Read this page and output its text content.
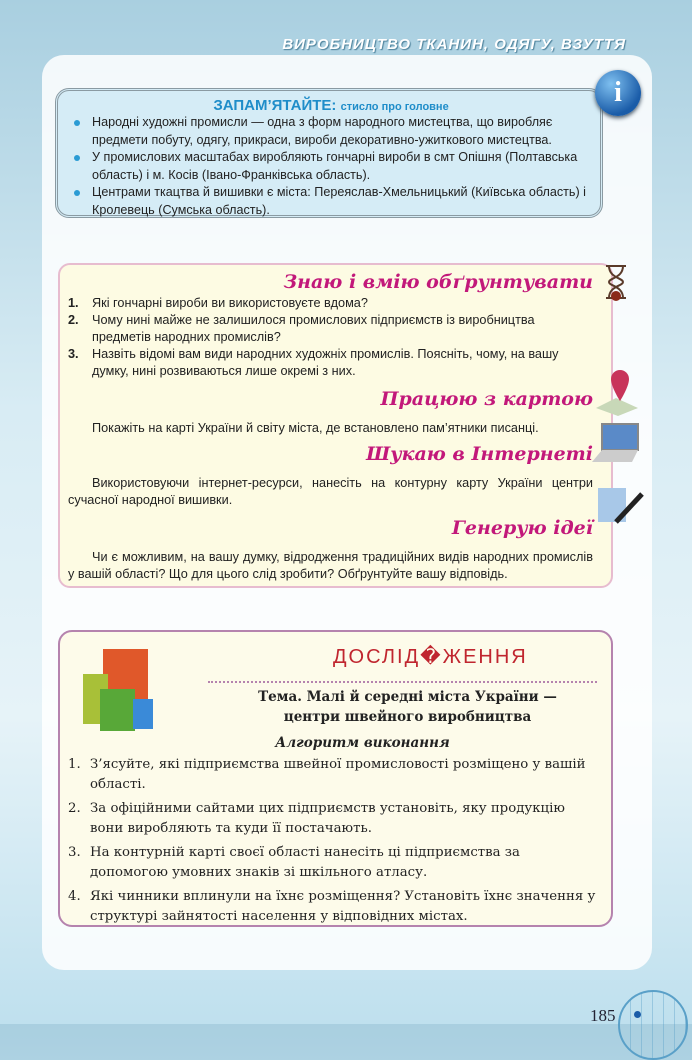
ВИРОБНИЦТВО ТКАНИН, ОДЯГУ, ВЗУТТЯ
ЗАПАМ’ЯТАЙТЕ: стисло про головне
Народні художні промисли — одна з форм народного мистецтва, що виробляє предмети побуту, одягу, прикраси, вироби декоративно-ужиткового мистецтва.
У промислових масштабах виробляють гончарні вироби в смт Опішня (Полтавська область) і м. Косів (Івано-Франківська область).
Центрами ткацтва й вишивки є міста: Переяслав-Хмельницький (Київська область) і Кролевець (Сумська область).
i
Знаю і вмію обґрунтувати
1.	Які гончарні вироби ви використовуєте вдома?
2.	Чому нині майже не залишилося промислових підприємств із виробництва предметів народних промислів?
3.	Назвіть відомі вам види народних художніх промислів. Поясніть, чому, на вашу думку, нині розвиваються лише окремі з них.
Працюю з картою
Покажіть на карті України й світу міста, де встановлено пам’ятники писанці.
Шукаю в Інтернеті
Використовуючи інтернет-ресурси, нанесіть на контурну карту України центри сучасної народної вишивки.
Генерую ідеї
Чи є можливим, на вашу думку, відродження традиційних видів народних промислів у вашій області? Що для цього слід зробити? Обґрунтуйте вашу відповідь.
ДОСЛІД�ЖЕННЯ
Тема. Малі й середні міста України —
центри швейного виробництва
Алгоритм виконання
1. З’ясуйте, які підприємства швейної промисловості розміщено у вашій області.
2. За офіційними сайтами цих підприємств установіть, яку продукцію вони виробляють та куди її постачають.
3. На контурній карті своєї області нанесіть ці підприємства за допомогою умовних знаків зі шкільного атласу.
4. Які чинники вплинули на їхнє розміщення? Установіть їхнє значення у структурі зайнятості населення у відповідних містах.
185
